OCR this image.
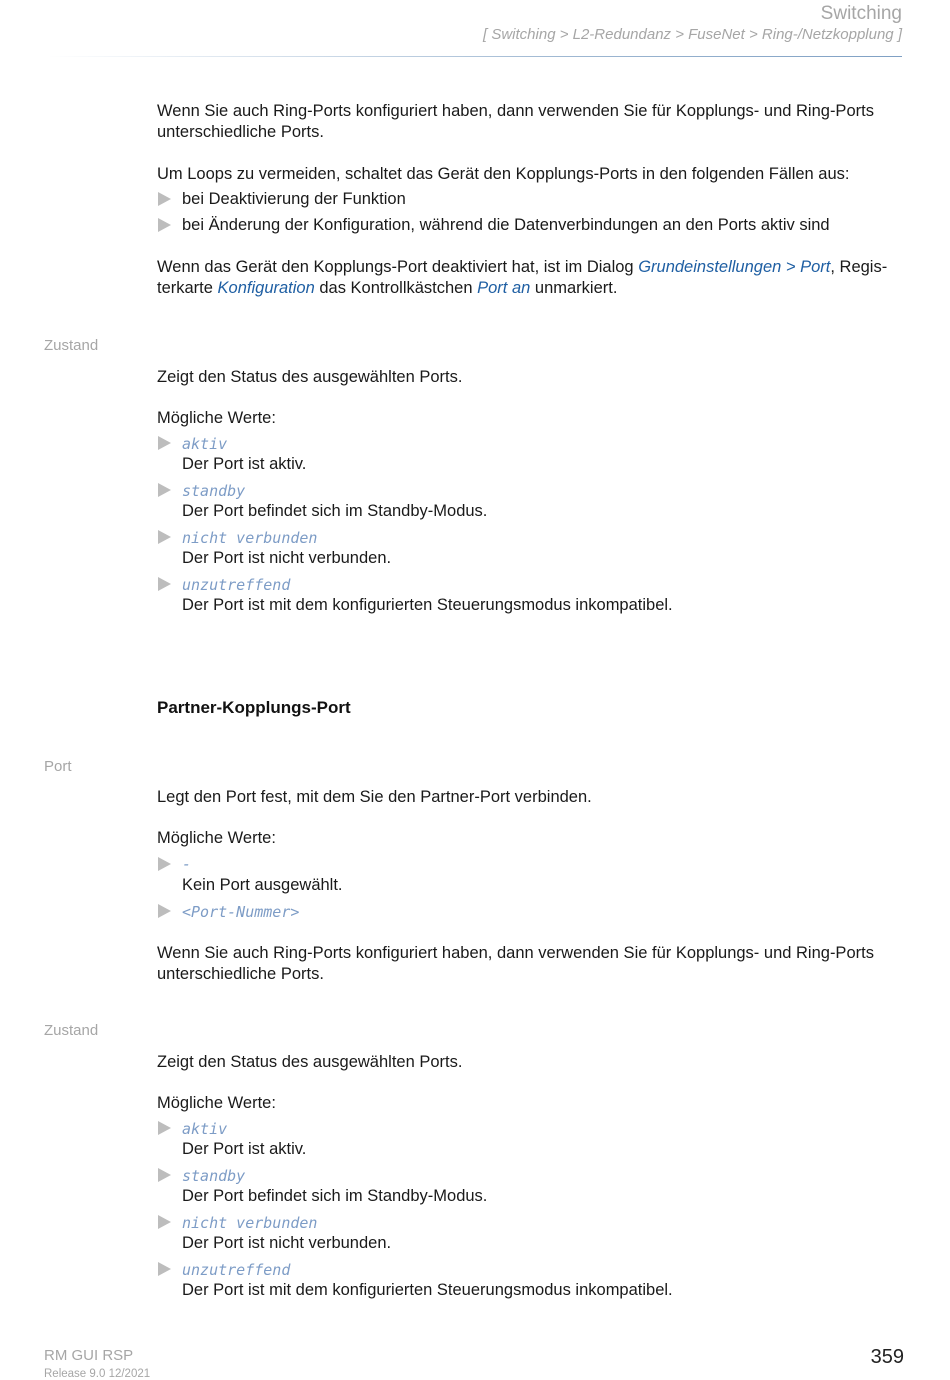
Switching
[ Switching > L2-Redundanz > FuseNet > Ring-/Netzkopplung ]

Wenn Sie auch Ring-Ports konfiguriert haben, dann verwenden Sie für Kopplungs- und Ring-Ports unterschiedliche Ports.

Um Loops zu vermeiden, schaltet das Gerät den Kopplungs-Ports in den folgenden Fällen aus:

bei Deaktivierung der Funktion
bei Änderung der Konfiguration, während die Datenverbindungen an den Ports aktiv sind

Wenn das Gerät den Kopplungs-Port deaktiviert hat, ist im Dialog Grundeinstellungen > Port, Regis-terkarte Konfiguration das Kontrollkästchen Port an unmarkiert.

Zustand

Zeigt den Status des ausgewählten Ports.

Mögliche Werte:

aktiv
Der Port ist aktiv.
standby
Der Port befindet sich im Standby-Modus.
nicht verbunden
Der Port ist nicht verbunden.
unzutreffend
Der Port ist mit dem konfigurierten Steuerungsmodus inkompatibel.
Partner-Kopplungs-Port
Port

Legt den Port fest, mit dem Sie den Partner-Port verbinden.

Mögliche Werte:

-
Kein Port ausgewählt.
<Port-Nummer>

Wenn Sie auch Ring-Ports konfiguriert haben, dann verwenden Sie für Kopplungs- und Ring-Ports unterschiedliche Ports.

Zustand

Zeigt den Status des ausgewählten Ports.

Mögliche Werte:

aktiv
Der Port ist aktiv.
standby
Der Port befindet sich im Standby-Modus.
nicht verbunden
Der Port ist nicht verbunden.
unzutreffend
Der Port ist mit dem konfigurierten Steuerungsmodus inkompatibel.
RM GUI RSP
Release 9.0 12/2021
359
